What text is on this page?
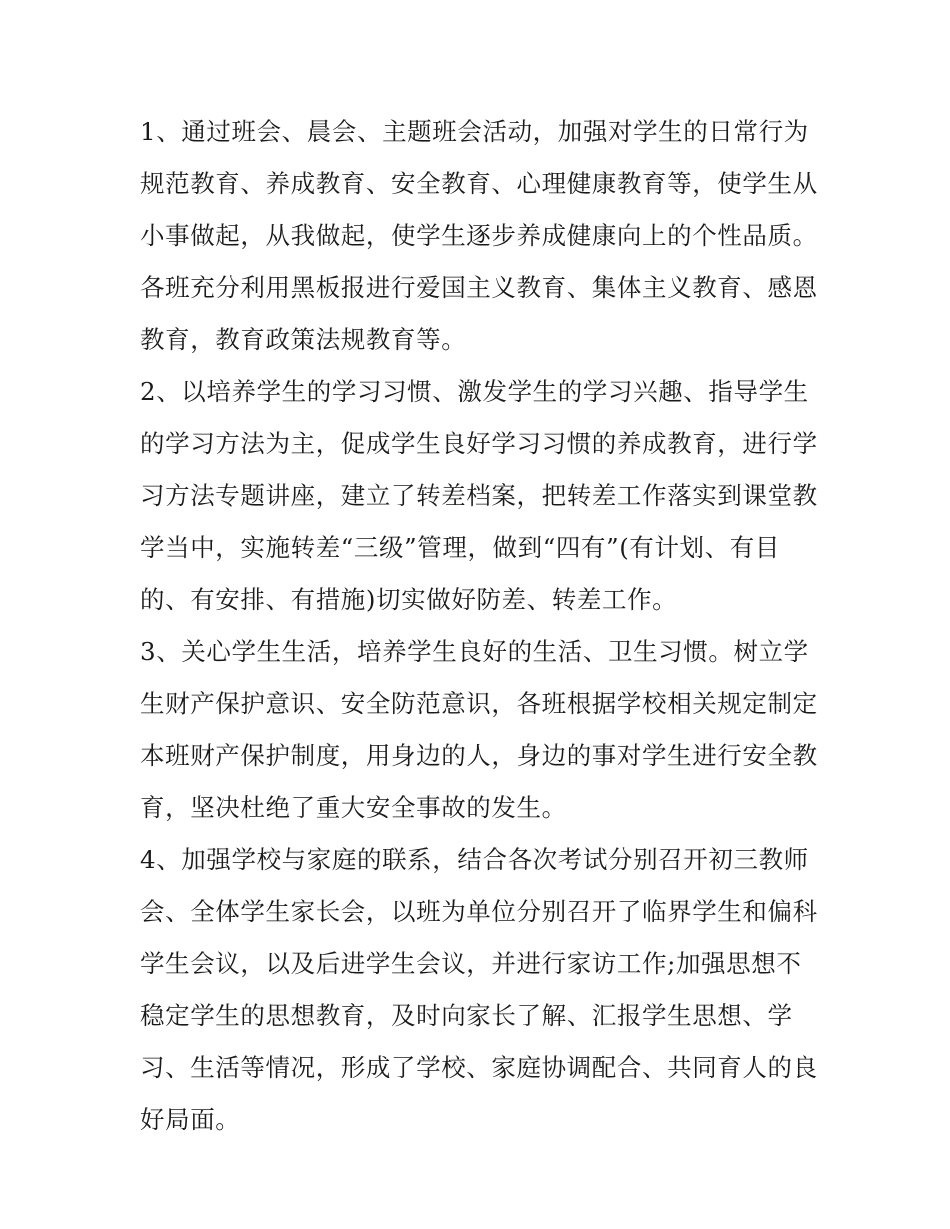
1、通过班会、晨会、主题班会活动，加强对学生的日常行为
规范教育、养成教育、安全教育、心理健康教育等，使学生从
小事做起，从我做起，使学生逐步养成健康向上的个性品质。
各班充分利用黑板报进行爱国主义教育、集体主义教育、感恩
教育，教育政策法规教育等。
2、以培养学生的学习习惯、激发学生的学习兴趣、指导学生
的学习方法为主，促成学生良好学习习惯的养成教育，进行学
习方法专题讲座，建立了转差档案，把转差工作落实到课堂教
学当中，实施转差“三级”管理，做到“四有”(有计划、有目
的、有安排、有措施)切实做好防差、转差工作。
3、关心学生生活，培养学生良好的生活、卫生习惯。树立学
生财产保护意识、安全防范意识，各班根据学校相关规定制定
本班财产保护制度，用身边的人，身边的事对学生进行安全教
育，坚决杜绝了重大安全事故的发生。
4、加强学校与家庭的联系，结合各次考试分别召开初三教师
会、全体学生家长会，以班为单位分别召开了临界学生和偏科
学生会议，以及后进学生会议，并进行家访工作;加强思想不
稳定学生的思想教育，及时向家长了解、汇报学生思想、学
习、生活等情况，形成了学校、家庭协调配合、共同育人的良
好局面。
